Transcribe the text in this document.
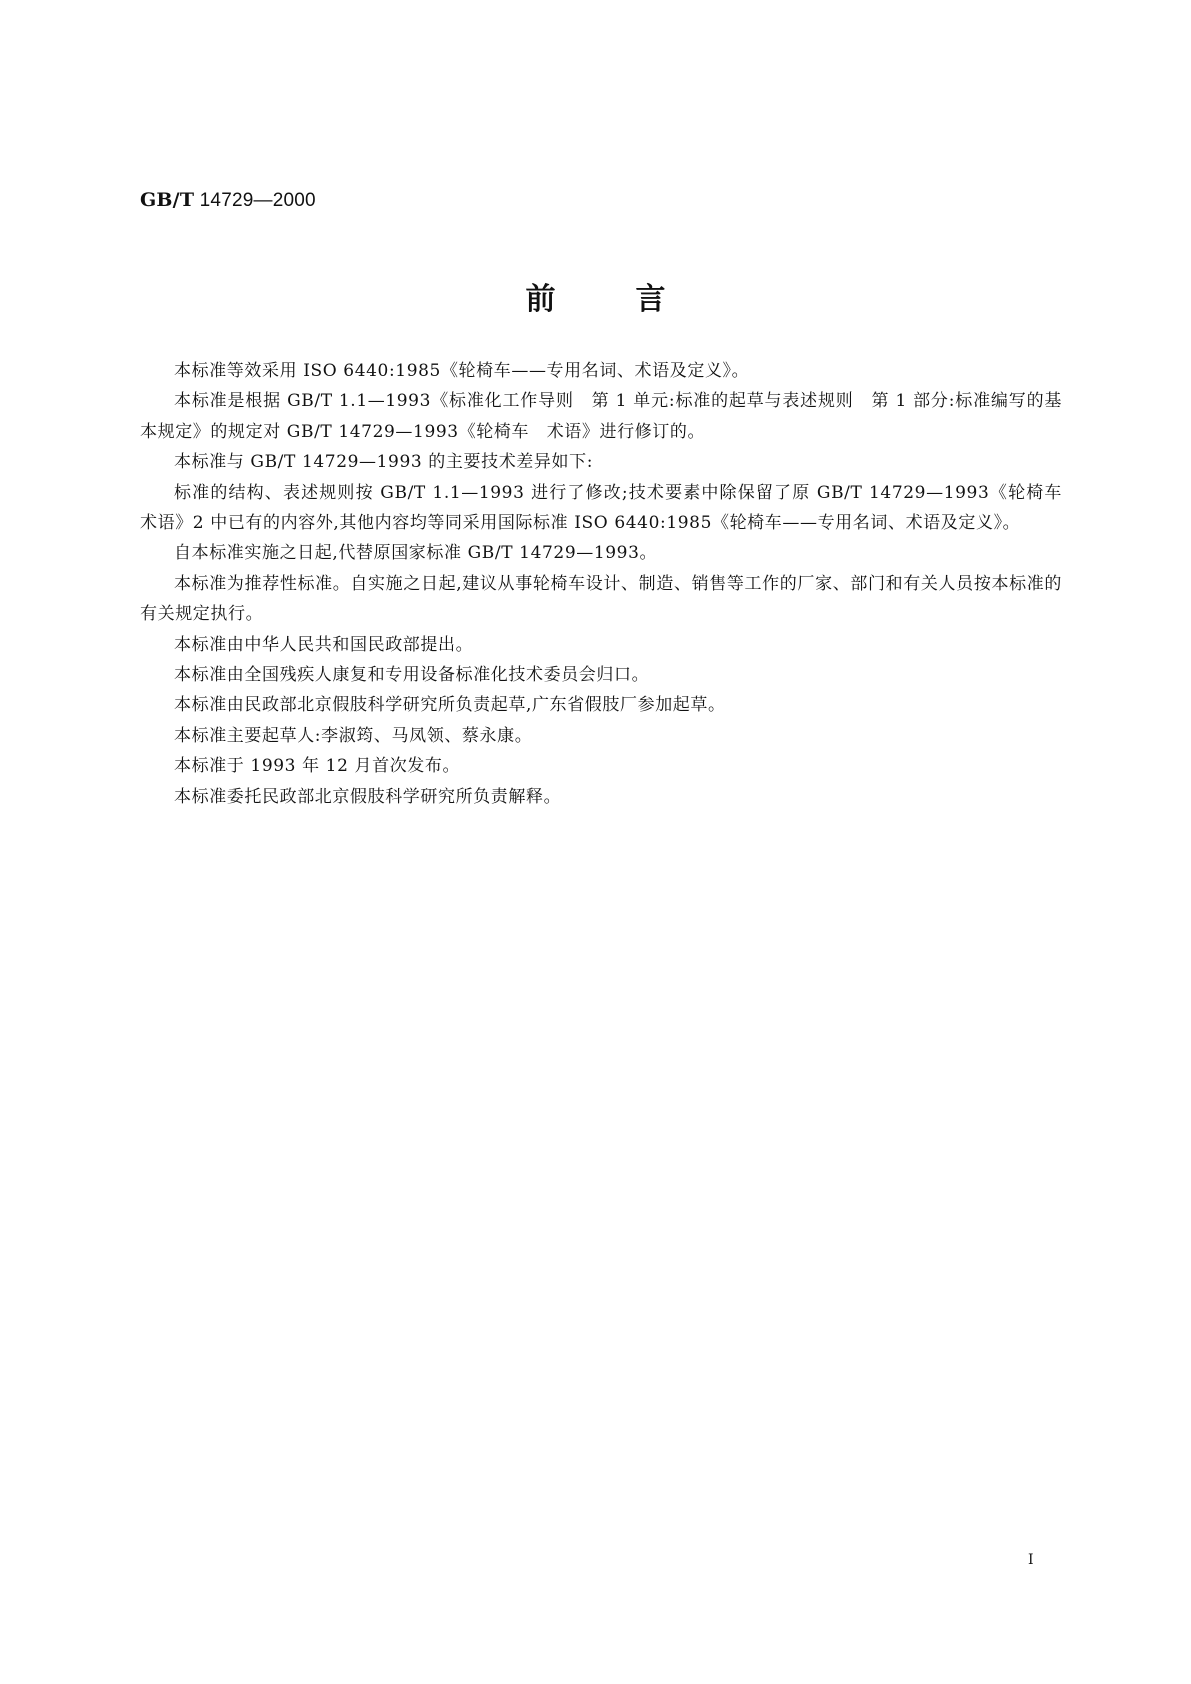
GB/T 14729—2000
前言

本标准等效采用 ISO 6440:1985《轮椅车——专用名词、术语及定义》。

本标准是根据 GB/T 1.1—1993《标准化工作导则　第 1 单元:标准的起草与表述规则　第 1 部分:标准编写的基本规定》的规定对 GB/T 14729—1993《轮椅车　术语》进行修订的。

本标准与 GB/T 14729—1993 的主要技术差异如下:

标准的结构、表述规则按 GB/T 1.1—1993 进行了修改;技术要素中除保留了原 GB/T 14729—1993《轮椅车　术语》2 中已有的内容外,其他内容均等同采用国际标准 ISO 6440:1985《轮椅车——专用名词、术语及定义》。

自本标准实施之日起,代替原国家标准 GB/T 14729—1993。

本标准为推荐性标准。自实施之日起,建议从事轮椅车设计、制造、销售等工作的厂家、部门和有关人员按本标准的有关规定执行。

本标准由中华人民共和国民政部提出。

本标准由全国残疾人康复和专用设备标准化技术委员会归口。

本标准由民政部北京假肢科学研究所负责起草,广东省假肢厂参加起草。

本标准主要起草人:李淑筠、马凤领、蔡永康。

本标准于 1993 年 12 月首次发布。

本标准委托民政部北京假肢科学研究所负责解释。

I
